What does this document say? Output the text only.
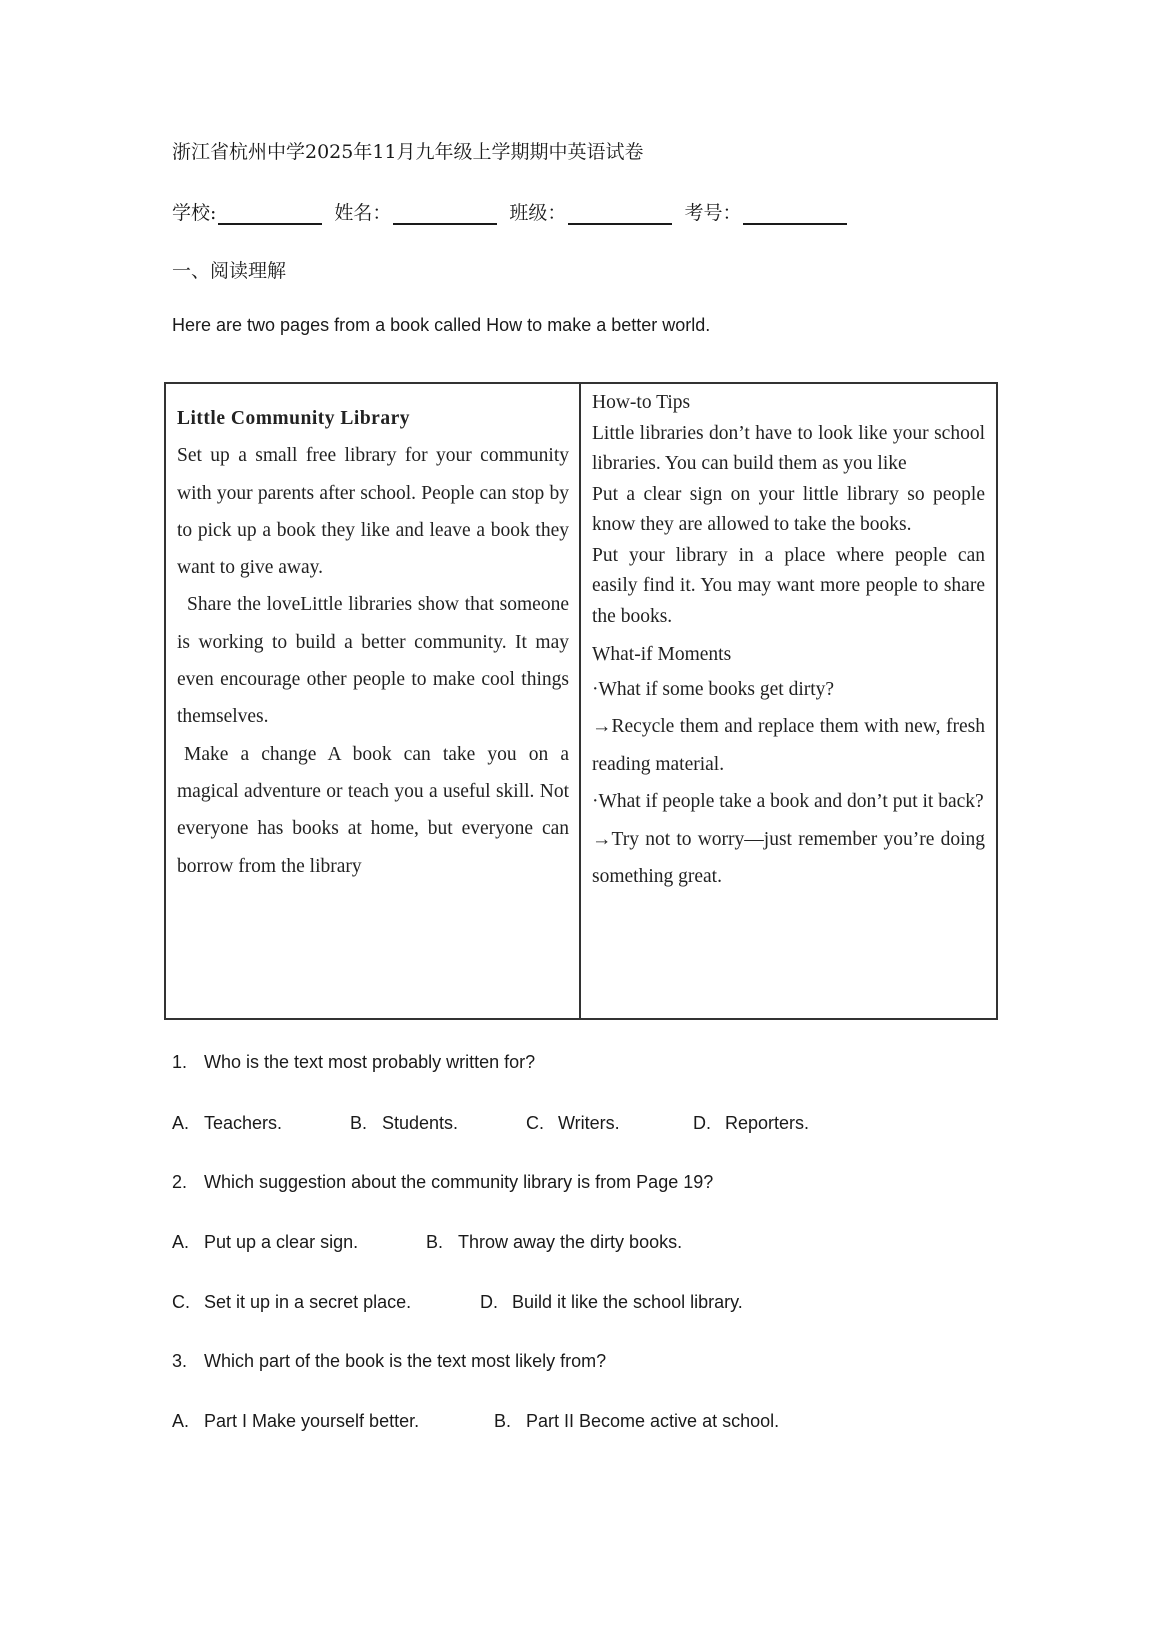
浙江省杭州中学2025年11月九年级上学期期中英语试卷
学校:	姓名：	班级：	考号：
一、阅读理解
Here are two pages from a book called How to make a better world.

Little Community Library

Set up a small free library for your community with your parents after school. People can stop by to pick up a book they like and leave a book they want to give away.

Share the loveLittle libraries show that someone is working to build a better community. It may even encourage other people to make cool things themselves.

Make a change A book can take you on a magical adventure or teach you a useful skill. Not everyone has books at home, but everyone can borrow from the library

How-to Tips

Little libraries don’t have to look like your school libraries. You can build them as you like

Put a clear sign on your little library so people know they are allowed to take the books.

Put your library in a place where people can easily find it. You may want more people to share the books.

What-if Moments

·What if some books get dirty?

→Recycle them and replace them with new, fresh reading material.

·What if people take a book and don’t put it back?

→Try not to worry—just remember you’re doing something great.

1. Who is the text most probably written for?
A. Teachers.	B. Students.	C. Writers.	D. Reporters.
2. Which suggestion about the community library is from Page 19?
A. Put up a clear sign.	B. Throw away the dirty books.
C. Set it up in a secret place.	D. Build it like the school library.
3. Which part of the book is the text most likely from?
A. Part I Make yourself better.	B. Part II Become active at school.
